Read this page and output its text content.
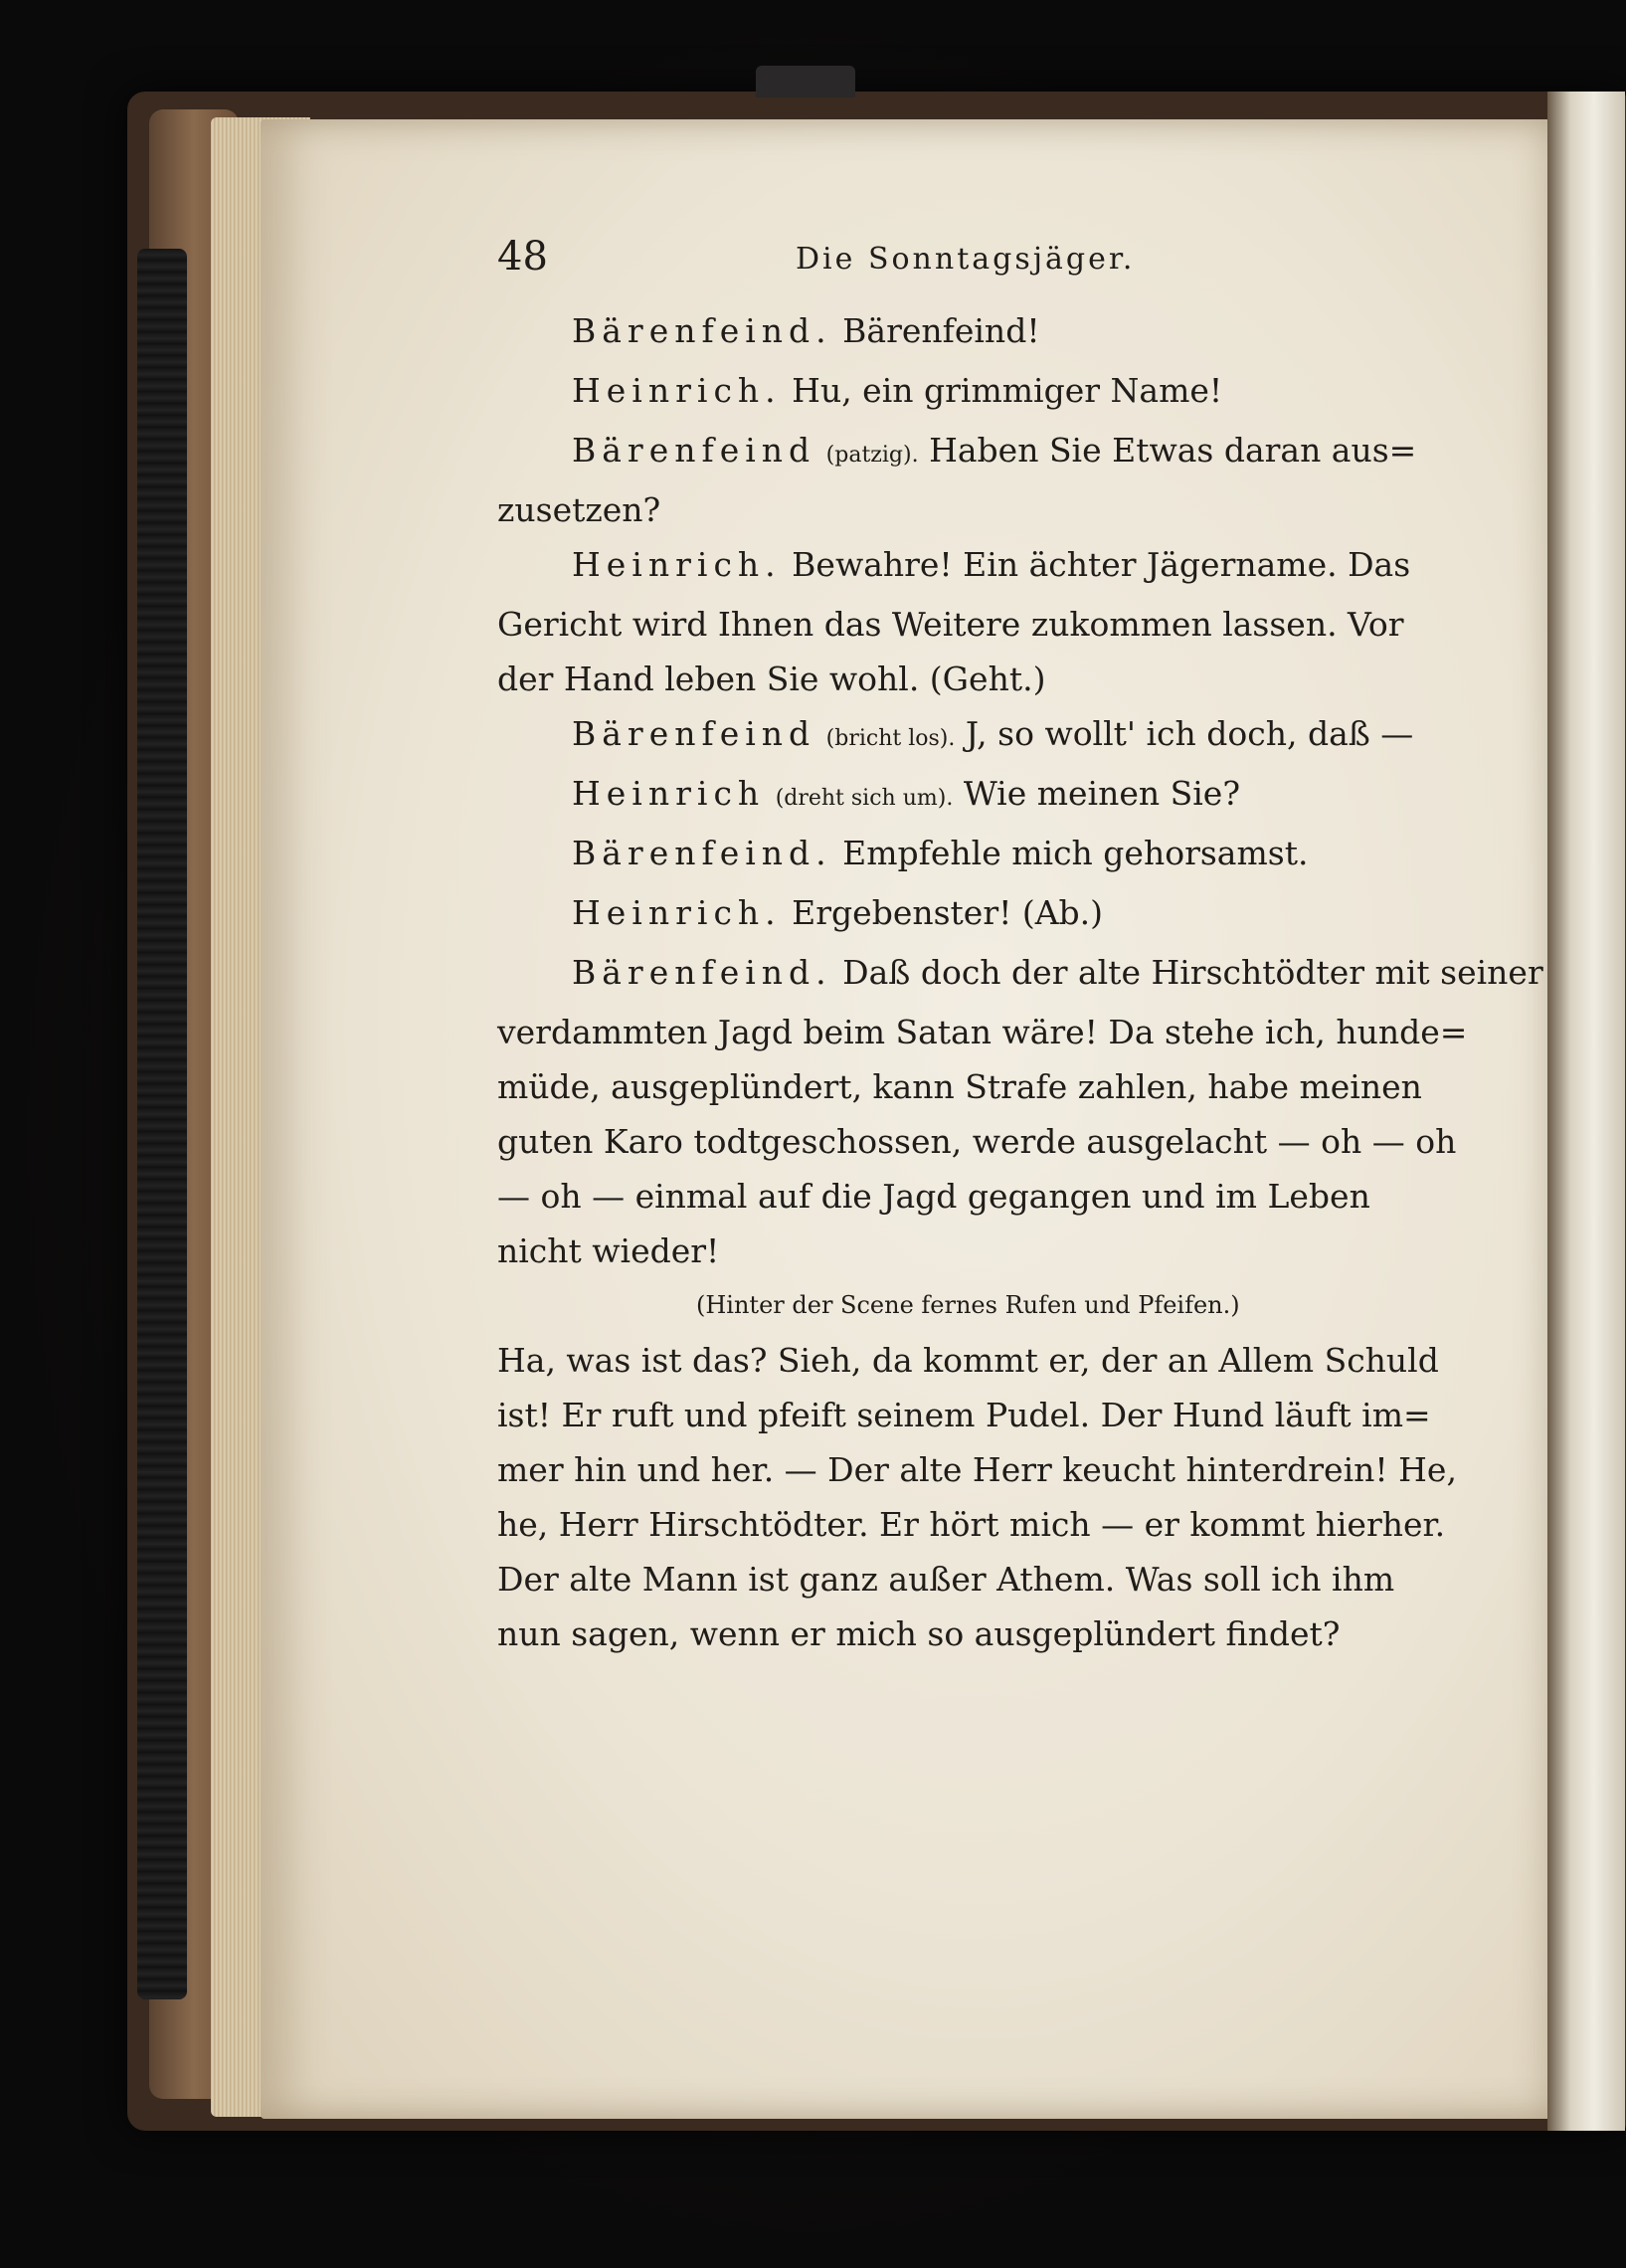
48	Die Sonntagsjäger.
Bärenfeind. Bärenfeind!
Heinrich. Hu, ein grimmiger Name!
Bärenfeind (patzig). Haben Sie Etwas daran aus=
zusetzen?
Heinrich. Bewahre! Ein ächter Jägername. Das
Gericht wird Ihnen das Weitere zukommen lassen. Vor
der Hand leben Sie wohl. (Geht.)
Bärenfeind (bricht los). J, so wollt' ich doch, daß —
Heinrich (dreht sich um). Wie meinen Sie?
Bärenfeind. Empfehle mich gehorsamst.
Heinrich. Ergebenster! (Ab.)
Bärenfeind. Daß doch der alte Hirschtödter mit seiner
verdammten Jagd beim Satan wäre! Da stehe ich, hunde=
müde, ausgeplündert, kann Strafe zahlen, habe meinen
guten Karo todtgeschossen, werde ausgelacht — oh — oh
— oh — einmal auf die Jagd gegangen und im Leben
nicht wieder!
(Hinter der Scene fernes Rufen und Pfeifen.)
Ha, was ist das? Sieh, da kommt er, der an Allem Schuld
ist! Er ruft und pfeift seinem Pudel. Der Hund läuft im=
mer hin und her. — Der alte Herr keucht hinterdrein! He,
he, Herr Hirschtödter. Er hört mich — er kommt hierher.
Der alte Mann ist ganz außer Athem. Was soll ich ihm
nun sagen, wenn er mich so ausgeplündert findet?
